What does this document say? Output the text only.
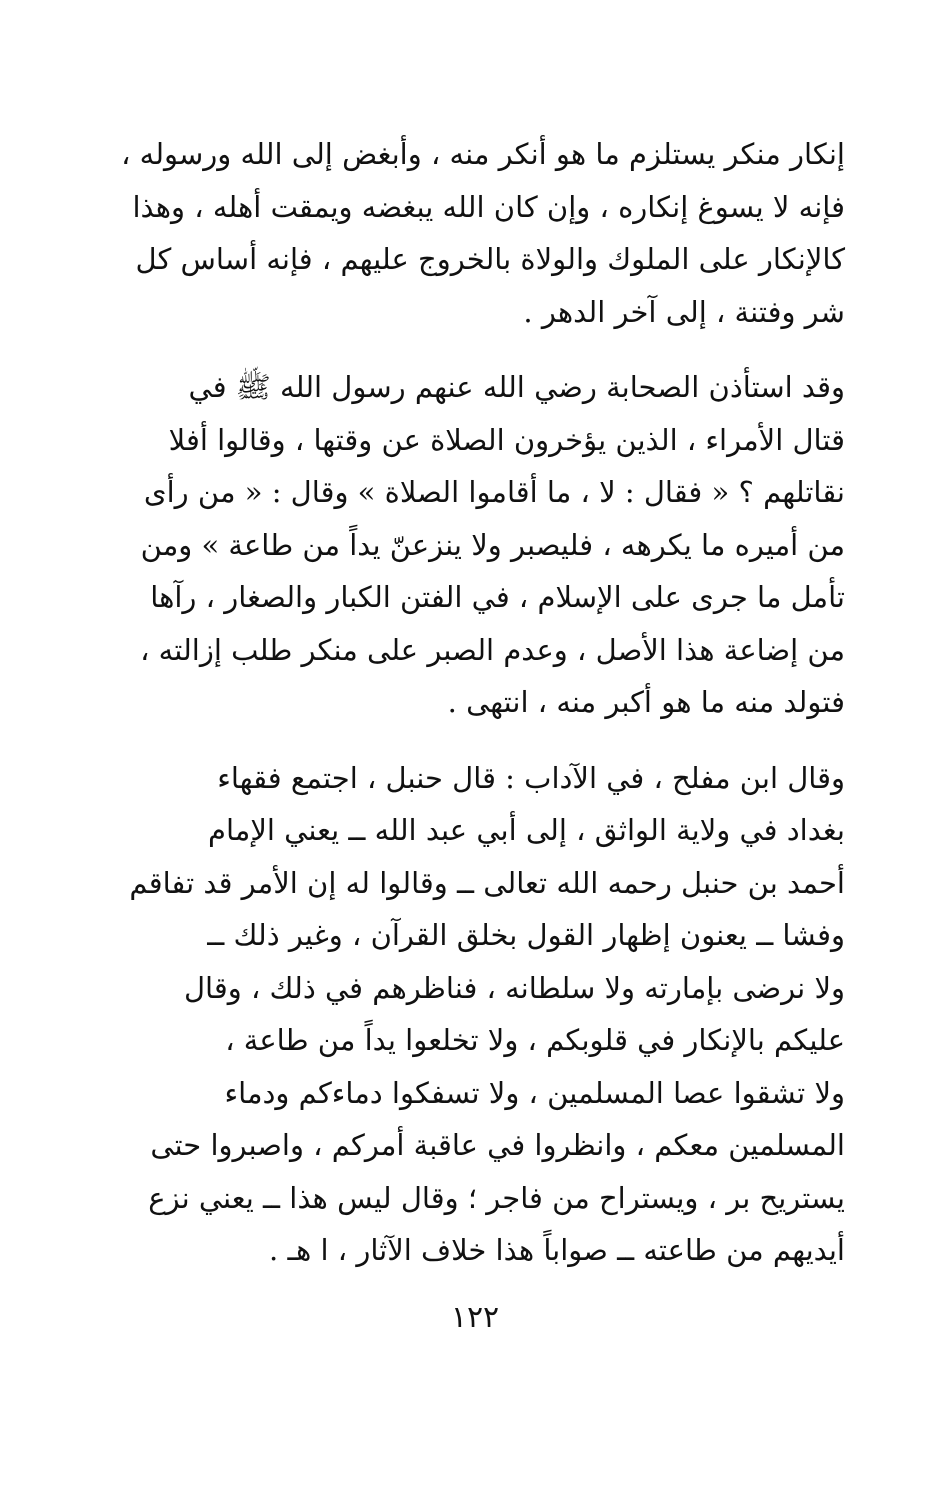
إنكار منكر يستلزم ما هو أنكر منه ، وأبغض إلى الله ورسوله ،
فإنه لا يسوغ إنكاره ، وإن كان الله يبغضه ويمقت أهله ، وهذا
كالإنكار على الملوك والولاة بالخروج عليهم ، فإنه أساس كل
شر وفتنة ، إلى آخر الدهر .
وقد استأذن الصحابة رضي الله عنهم رسول الله ﷺ في
قتال الأمراء ، الذين يؤخرون الصلاة عن وقتها ، وقالوا أفلا
نقاتلهم ؟ « فقال : لا ، ما أقاموا الصلاة » وقال : « من رأى
من أميره ما يكرهه ، فليصبر ولا ينزعنّ يداً من طاعة » ومن
تأمل ما جرى على الإسلام ، في الفتن الكبار والصغار ، رآها
من إضاعة هذا الأصل ، وعدم الصبر على منكر طلب إزالته ،
فتولد منه ما هو أكبر منه ، انتهى .
وقال ابن مفلح ، في الآداب : قال حنبل ، اجتمع فقهاء
بغداد في ولاية الواثق ، إلى أبي عبد الله ــ يعني الإمام
أحمد بن حنبل رحمه الله تعالى ــ وقالوا له إن الأمر قد تفاقم
وفشا ــ يعنون إظهار القول بخلق القرآن ، وغير ذلك ــ
ولا نرضى بإمارته ولا سلطانه ، فناظرهم في ذلك ، وقال
عليكم بالإنكار في قلوبكم ، ولا تخلعوا يداً من طاعة ،
ولا تشقوا عصا المسلمين ، ولا تسفكوا دماءكم ودماء
المسلمين معكم ، وانظروا في عاقبة أمركم ، واصبروا حتى
يستريح بر ، ويستراح من فاجر ؛ وقال ليس هذا ــ يعني نزع
أيديهم من طاعته ــ صواباً هذا خلاف الآثار ، ا هـ .
١٢٢
